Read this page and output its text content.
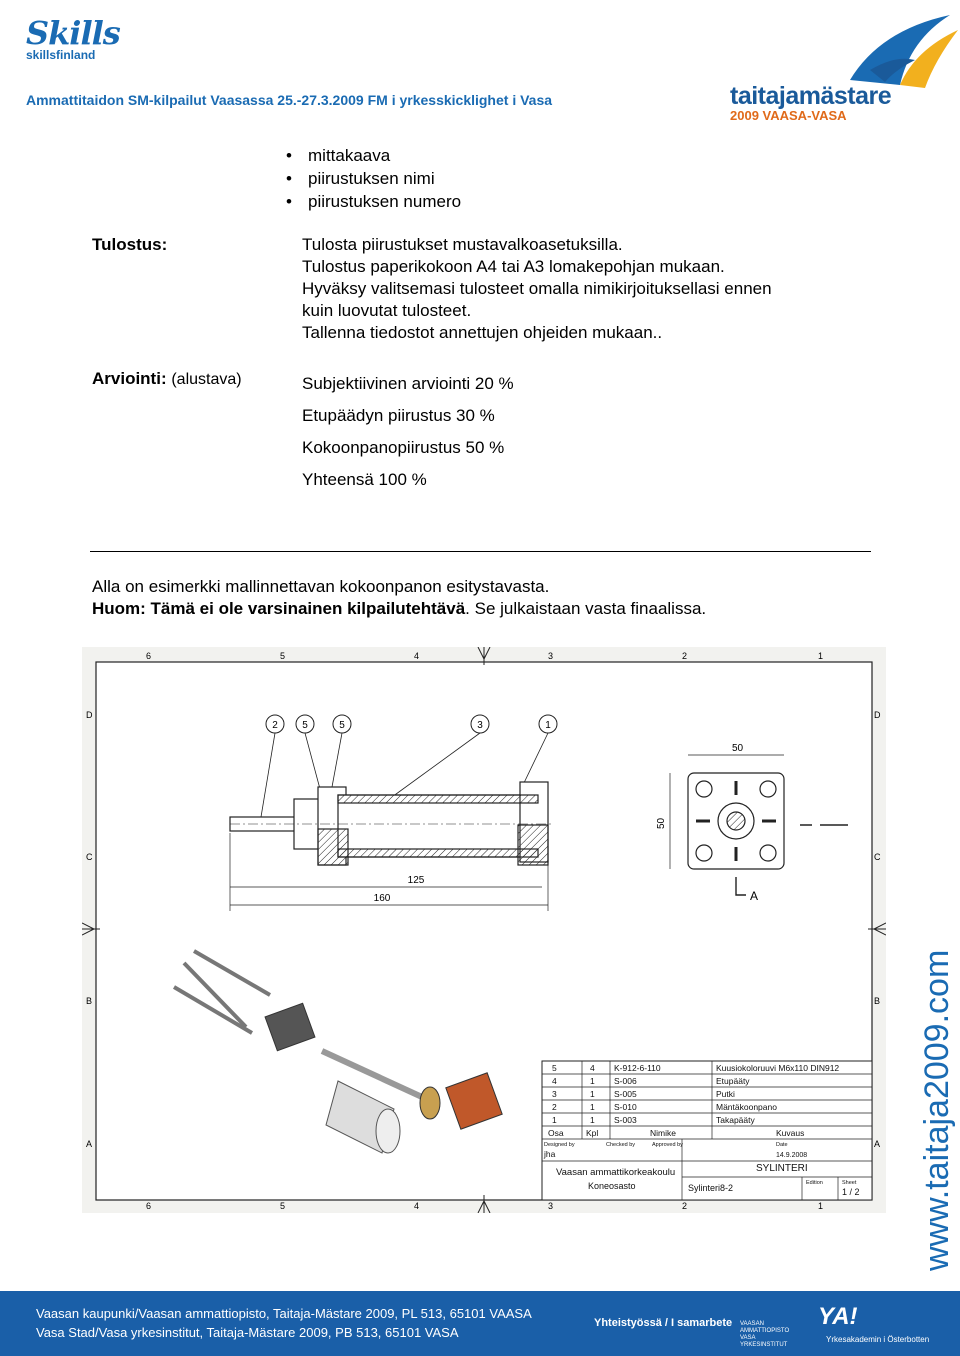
Skills
skillsfinland
Ammattitaidon SM-kilpailut Vaasassa 25.-27.3.2009 FM i yrkesskicklighet i Vasa	taitajamästare
2009 VAASA-VASA
• mittakaava
• piirustuksen nimi
• piirustuksen numero
Tulostus:	Tulosta piirustukset mustavalkoasetuksilla.
Tulostus paperikokoon A4 tai A3 lomakepohjan mukaan.
Hyväksy valitsemasi tulosteet omalla nimikirjoituksellasi ennen
kuin luovutat tulosteet.
Tallenna tiedostot annettujen ohjeiden mukaan..
Arviointi: (alustava)	Subjektiivinen arviointi 20 %
Etupäädyn piirustus 30 %
Kokoonpanopiirustus 50 %
Yhteensä 100 %
Alla on esimerkki mallinnettavan kokoonpanon esitystavasta.
Huom: Tämä ei ole varsinainen kilpailutehtävä. Se julkaistaan vasta finaalissa.
6	5	4	3	2	1
6	5	4	3	2	1
D
C
B
A
D
C
B
A
2 5	5	3	1
125
160
50
50
A
5	4 K-912-6-110	Kuusiokoloruuvi M6x110 DIN912
4	1 S-006	Etupääty
3	1 S-005	Putki
2	1 S-010	Mäntäkoonpano
1	1 S-003	Takapääty
Osa	Kpl	Nimike	Kuvaus
Designed by	Checked by	Approved by	Date
jha	14.9.2008
Vaasan ammattikorkeakoulu
Koneosasto
SYLINTERI
Sylinteri8-2	Edition	Sheet
1 / 2 www.taitaja2009.com
Vaasan kaupunki/Vaasan ammattiopisto, Taitaja-Mästare 2009, PL 513, 65101 VAASA
Vasa Stad/Vasa yrkesinstitut, Taitaja-Mästare 2009, PB 513, 65101 VASA
Yhteistyössä / I samarbete VAASAN AMMATTIOPISTO VASA YRKESINSTITUT
YA!
Yrkesakademin i Österbotten
